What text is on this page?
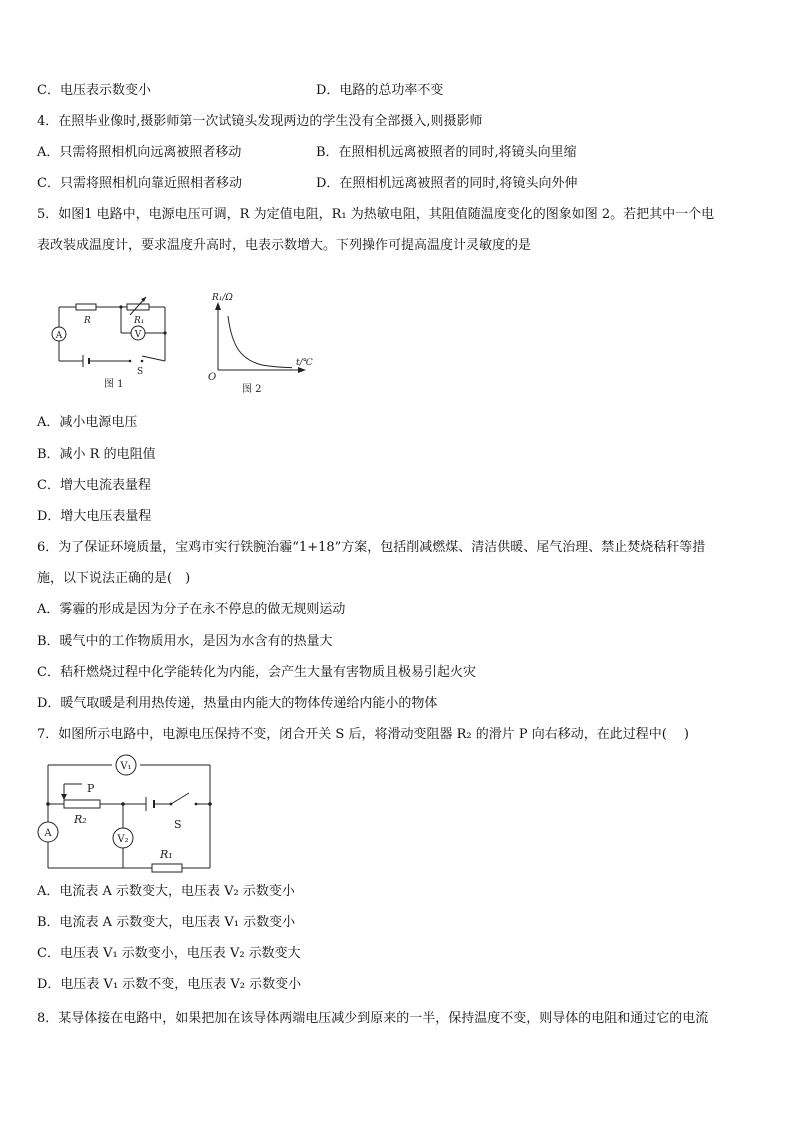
C．电压表示数变小	D．电路的总功率不变
4．在照毕业像时,摄影师第一次试镜头发现两边的学生没有全部摄入,则摄影师
A．只需将照相机向远离被照者移动	B．在照相机远离被照者的同时,将镜头向里缩
C．只需将照相机向靠近照相者移动	D．在照相机远离被照者的同时,将镜头向外伸
5．如图1 电路中，电源电压可调，R 为定值电阻，R₁ 为热敏电阻，其阻值随温度变化的图象如图 2。若把其中一个电
表改装成温度计，要求温度升高时，电表示数增大。下列操作可提高温度计灵敏度的是
V
A
R	R₁
S
图 1
R₁/Ω
t/℃
O
图 2
A．减小电源电压
B．减小 R 的电阻值
C．增大电流表量程
D．增大电压表量程
6．为了保证环境质量，宝鸡市实行铁腕治霾“1+18”方案，包括削减燃煤、清洁供暖、尾气治理、禁止焚烧秸秆等措
施，以下说法正确的是(　)
A．雾霾的形成是因为分子在永不停息的做无规则运动
B．暖气中的工作物质用水，是因为水含有的热量大
C．秸秆燃烧过程中化学能转化为内能，会产生大量有害物质且极易引起火灾
D．暖气取暖是利用热传递，热量由内能大的物体传递给内能小的物体
7．如图所示电路中，电源电压保持不变，闭合开关 S 后，将滑动变阻器 R₂ 的滑片 P 向右移动，在此过程中(　 )
V₁
V₂
A
P
R₂
R₁
S
A．电流表 A 示数变大，电压表 V₂ 示数变小
B．电流表 A 示数变大，电压表 V₁ 示数变小
C．电压表 V₁ 示数变小，电压表 V₂ 示数变大
D．电压表 V₁ 示数不变，电压表 V₂ 示数变小
8．某导体接在电路中，如果把加在该导体两端电压减少到原来的一半，保持温度不变，则导体的电阻和通过它的电流
